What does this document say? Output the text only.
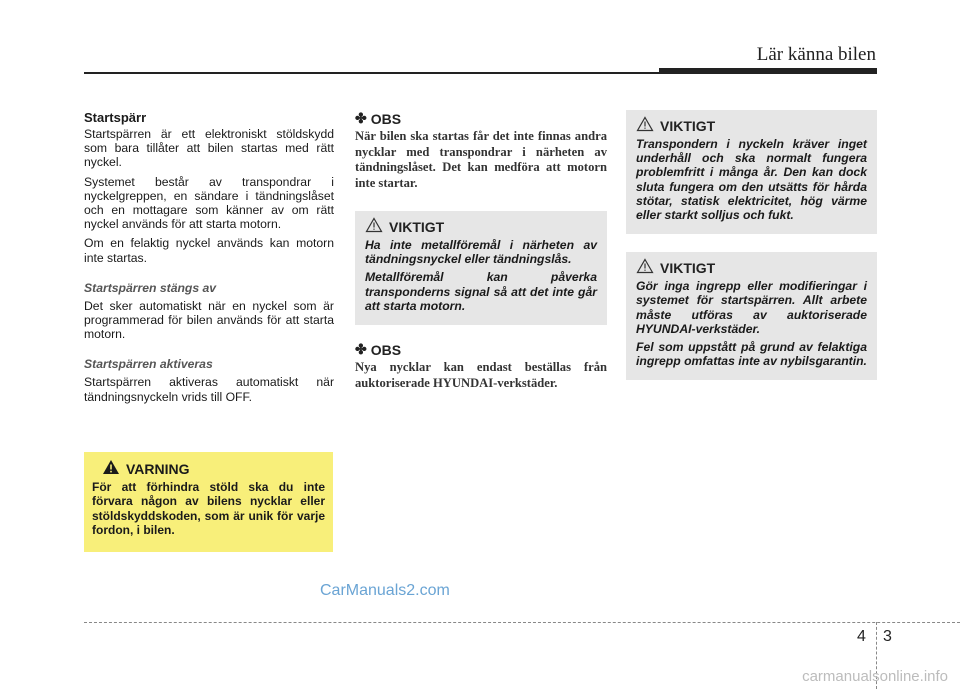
Lär känna bilen
Startspärr

Startspärren är ett elektroniskt stöldskydd som bara tillåter att bilen startas med rätt nyckel.

Systemet består av transpondrar i nyckelgreppen, en sändare i tändningslåset och en mottagare som känner av om rätt nyckel används för att starta motorn.

Om en felaktig nyckel används kan motorn inte startas.

Startspärren stängs av

Det sker automatiskt när en nyckel som är programmerad för bilen används för att starta motorn.

Startspärren aktiveras

Startspärren aktiveras automatiskt när tändningsnyckeln vrids till OFF.

VARNING

För att förhindra stöld ska du inte förvara någon av bilens nycklar eller stöldskyddskoden, som är unik för varje fordon, i bilen.

✤ OBS

När bilen ska startas får det inte finnas andra nycklar med transpondrar i närheten av tändningslåset. Det kan medföra att motorn inte startar.

VIKTIGT

Ha inte metallföremål i närheten av tändningsnyckel eller tändningslås.

Metallföremål kan påverka transponderns signal så att det inte går att starta motorn.

✤ OBS

Nya nycklar kan endast beställas från auktoriserade HYUNDAI-verkstäder.

VIKTIGT

Transpondern i nyckeln kräver inget underhåll och ska normalt fungera problemfritt i många år. Den kan dock sluta fungera om den utsätts för hårda stötar, statisk elektricitet, hög värme eller starkt solljus och fukt.

VIKTIGT

Gör inga ingrepp eller modifieringar i systemet för startspärren. Allt arbete måste utföras av auktoriserade HYUNDAI-verkstäder.

Fel som uppstått på grund av felaktiga ingrepp omfattas inte av nybilsgarantin.

CarManuals2.com
4 3
carmanualsonline.info
